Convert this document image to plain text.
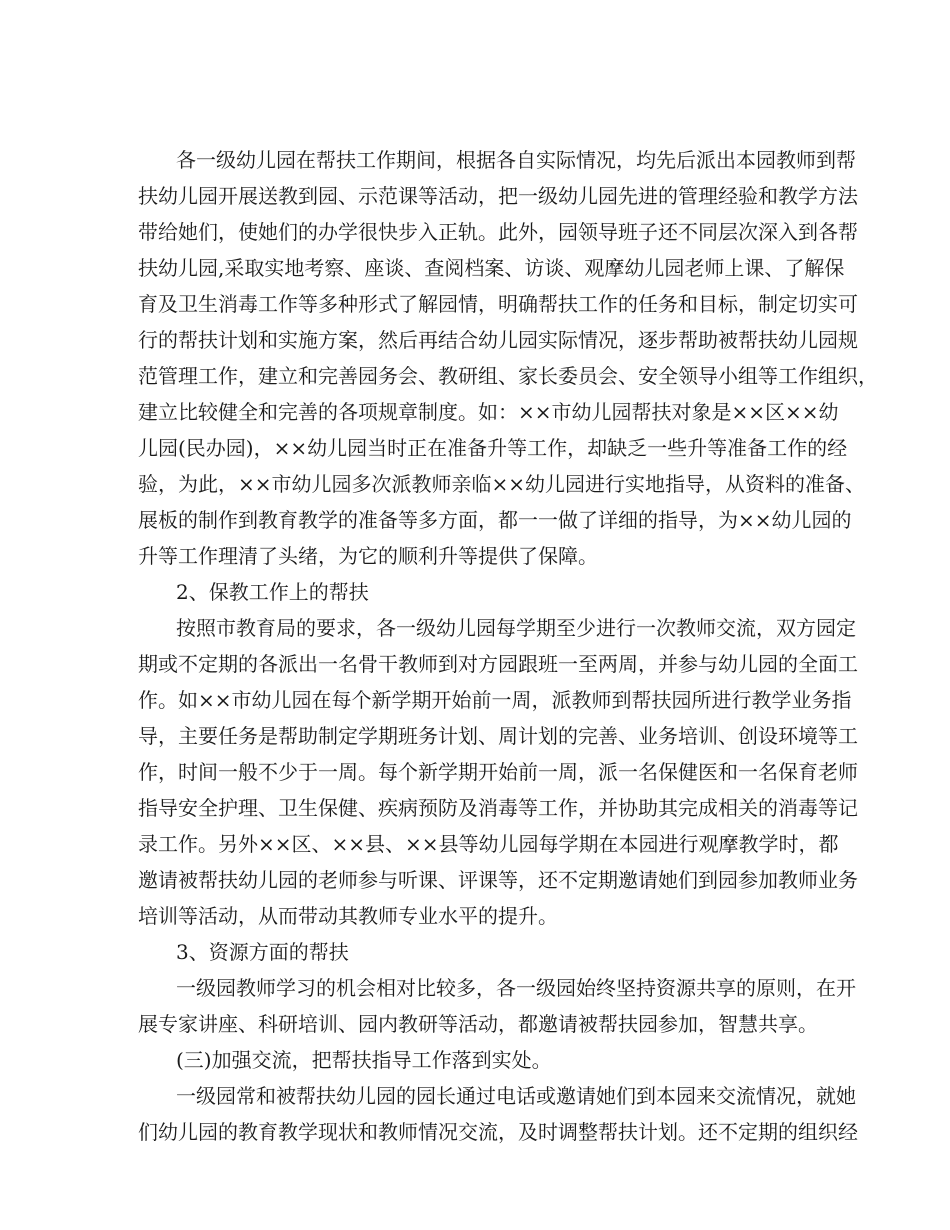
各一级幼儿园在帮扶工作期间，根据各自实际情况，均先后派出本园教师到帮
扶幼儿园开展送教到园、示范课等活动，把一级幼儿园先进的管理经验和教学方法
带给她们，使她们的办学很快步入正轨。此外，园领导班子还不同层次深入到各帮
扶幼儿园,采取实地考察、座谈、查阅档案、访谈、观摩幼儿园老师上课、了解保
育及卫生消毒工作等多种形式了解园情，明确帮扶工作的任务和目标，制定切实可
行的帮扶计划和实施方案，然后再结合幼儿园实际情况，逐步帮助被帮扶幼儿园规
范管理工作，建立和完善园务会、教研组、家长委员会、安全领导小组等工作组织，
建立比较健全和完善的各项规章制度。如：××市幼儿园帮扶对象是××区××幼
儿园(民办园)，××幼儿园当时正在准备升等工作，却缺乏一些升等准备工作的经
验，为此，××市幼儿园多次派教师亲临××幼儿园进行实地指导，从资料的准备、
展板的制作到教育教学的准备等多方面，都一一做了详细的指导，为××幼儿园的
升等工作理清了头绪，为它的顺利升等提供了保障。
2、保教工作上的帮扶
按照市教育局的要求，各一级幼儿园每学期至少进行一次教师交流，双方园定
期或不定期的各派出一名骨干教师到对方园跟班一至两周，并参与幼儿园的全面工
作。如××市幼儿园在每个新学期开始前一周，派教师到帮扶园所进行教学业务指
导，主要任务是帮助制定学期班务计划、周计划的完善、业务培训、创设环境等工
作，时间一般不少于一周。每个新学期开始前一周，派一名保健医和一名保育老师
指导安全护理、卫生保健、疾病预防及消毒等工作，并协助其完成相关的消毒等记
录工作。另外××区、××县、××县等幼儿园每学期在本园进行观摩教学时，都
邀请被帮扶幼儿园的老师参与听课、评课等，还不定期邀请她们到园参加教师业务
培训等活动，从而带动其教师专业水平的提升。
3、资源方面的帮扶
一级园教师学习的机会相对比较多，各一级园始终坚持资源共享的原则，在开
展专家讲座、科研培训、园内教研等活动，都邀请被帮扶园参加，智慧共享。
(三)加强交流，把帮扶指导工作落到实处。
一级园常和被帮扶幼儿园的园长通过电话或邀请她们到本园来交流情况，就她
们幼儿园的教育教学现状和教师情况交流，及时调整帮扶计划。还不定期的组织经
